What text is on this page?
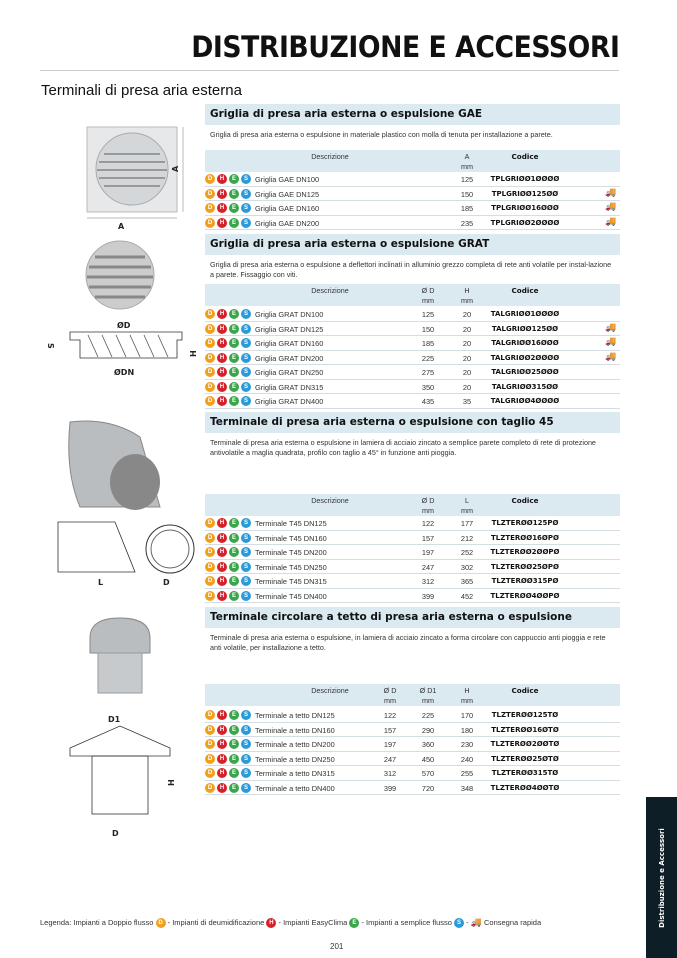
DISTRIBUZIONE E ACCESSORI
Terminali di presa aria esterna
Griglia di presa aria esterna o espulsione GAE
Griglia di presa aria esterna o espulsione in materiale plastico con molla di tenuta per installazione a parete.
Descrizione	A
mm
Codice
D	H	E	S Griglia GAE DN100	125 TPLGRIØØ1ØØØØ
D	H	E	S Griglia GAE DN125	150	TPLGRIØØ125ØØ	🚚
D	H	E	S Griglia GAE DN160	185	TPLGRIØØ16ØØØ	🚚
D	H	E	S Griglia GAE DN200	235 TPLGRIØØ2ØØØØ	🚚
Griglia di presa aria esterna o espulsione GRAT
Griglia di presa aria esterna o espulsione a deflettori inclinati in alluminio grezzo completa di rete anti volatile per instal-lazione a parete. Fissaggio con viti.
Descrizione	Ø D
mm
H
mm
Codice
D	H	E	S Griglia GRAT DN100	125	20	TALGRIØØ1ØØØØ
D	H	E	S Griglia GRAT DN125	150	20	TALGRIØØ125ØØ	🚚
D	H	E	S Griglia GRAT DN160	185	20	TALGRIØØ16ØØØ	🚚
D	H	E	S Griglia GRAT DN200	225	20	TALGRIØØ2ØØØØ	🚚
D	H	E	S Griglia GRAT DN250	275	20	TALGRIØØ25ØØØ
D	H	E	S Griglia GRAT DN315	350	20	TALGRIØØ315ØØ
D	H	E	S Griglia GRAT DN400	435	35	TALGRIØØ4ØØØØ
Terminale di presa aria esterna o espulsione con taglio 45
Terminale di presa aria esterna o espulsione in lamiera di acciaio zincato a semplice parete completo di rete di protezione antivolatile a maglia quadrata, profilo con taglio a 45° in funzione anti pioggia.
Descrizione	Ø D
mm
L
mm
Codice
D	H	E	S Terminale T45 DN125	122	177	TLZTERØØ125PØ
D	H	E	S Terminale T45 DN160	157	212	TLZTERØØ16ØPØ
D	H	E	S Terminale T45 DN200	197	252 TLZTERØØ2ØØPØ
D	H	E	S Terminale T45 DN250	247	302	TLZTERØØ25ØPØ
D	H	E	S Terminale T45 DN315	312	365	TLZTERØØ315PØ
D	H	E	S Terminale T45 DN400	399	452 TLZTERØØ4ØØPØ
Terminale circolare a tetto di presa aria esterna o espulsione
Terminale di presa aria esterna o espulsione, in lamiera di acciaio zincato a forma circolare con cappuccio anti pioggia e rete anti volatile, per installazione a tetto.
Descrizione	Ø D
mm
Ø D1
mm
H
mm
Codice
D	H	E	S Terminale a tetto DN125	122	225	170	TLZTERØØ125TØ
D	H	E	S Terminale a tetto DN160	157	290	180	TLZTERØØ16ØTØ
D	H	E	S Terminale a tetto DN200	197	360	230 TLZTERØØ2ØØTØ
D	H	E	S Terminale a tetto DN250	247	450	240	TLZTERØØ25ØTØ
D	H	E	S Terminale a tetto DN315	312	570	255	TLZTERØØ315TØ
D	H	E	S Terminale a tetto DN400	399	720	348 TLZTERØØ4ØØTØ
A
A
ØD
ØDN
S
H
L	D
D1
H
D
Legenda: Impianti a Doppio flusso D - Impianti di deumidificazione H - Impianti EasyClima E - Impianti a semplice flusso S - 🚚 Consegna rapida
201
Distribuzione e Accessori
